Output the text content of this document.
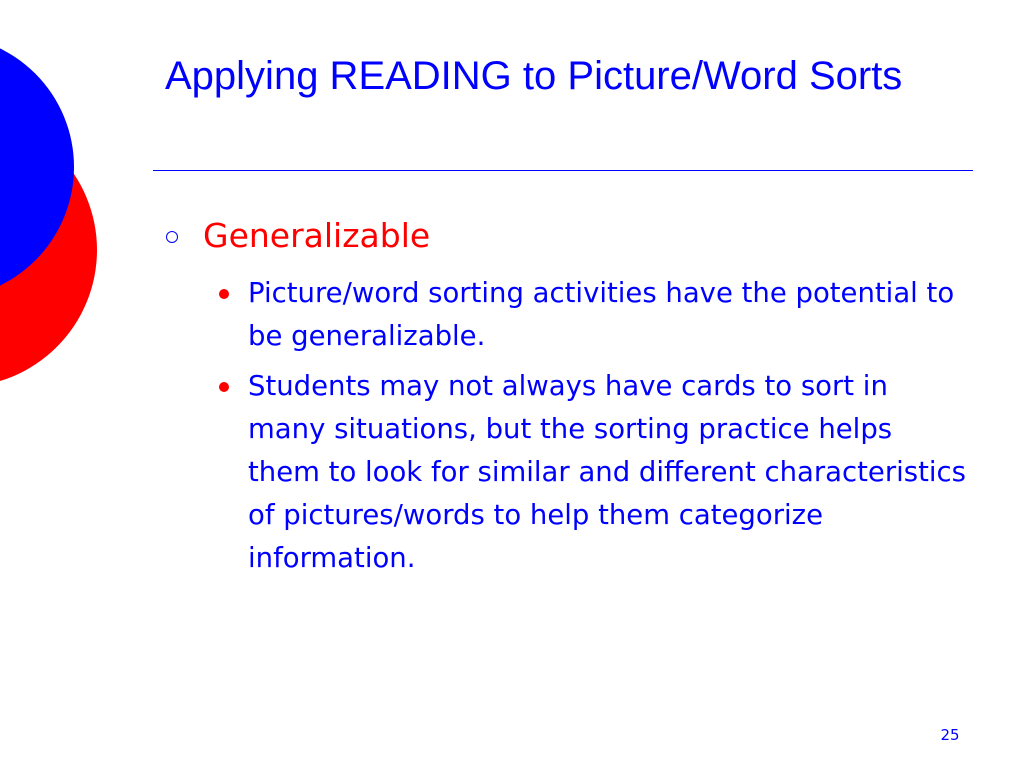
Applying READING to Picture/Word Sorts
Generalizable

Picture/word sorting activities have the potential to be generalizable.

Students may not always have cards to sort in many situations, but the sorting practice helps them to look for similar and different characteristics of pictures/words to help them categorize information.

25
